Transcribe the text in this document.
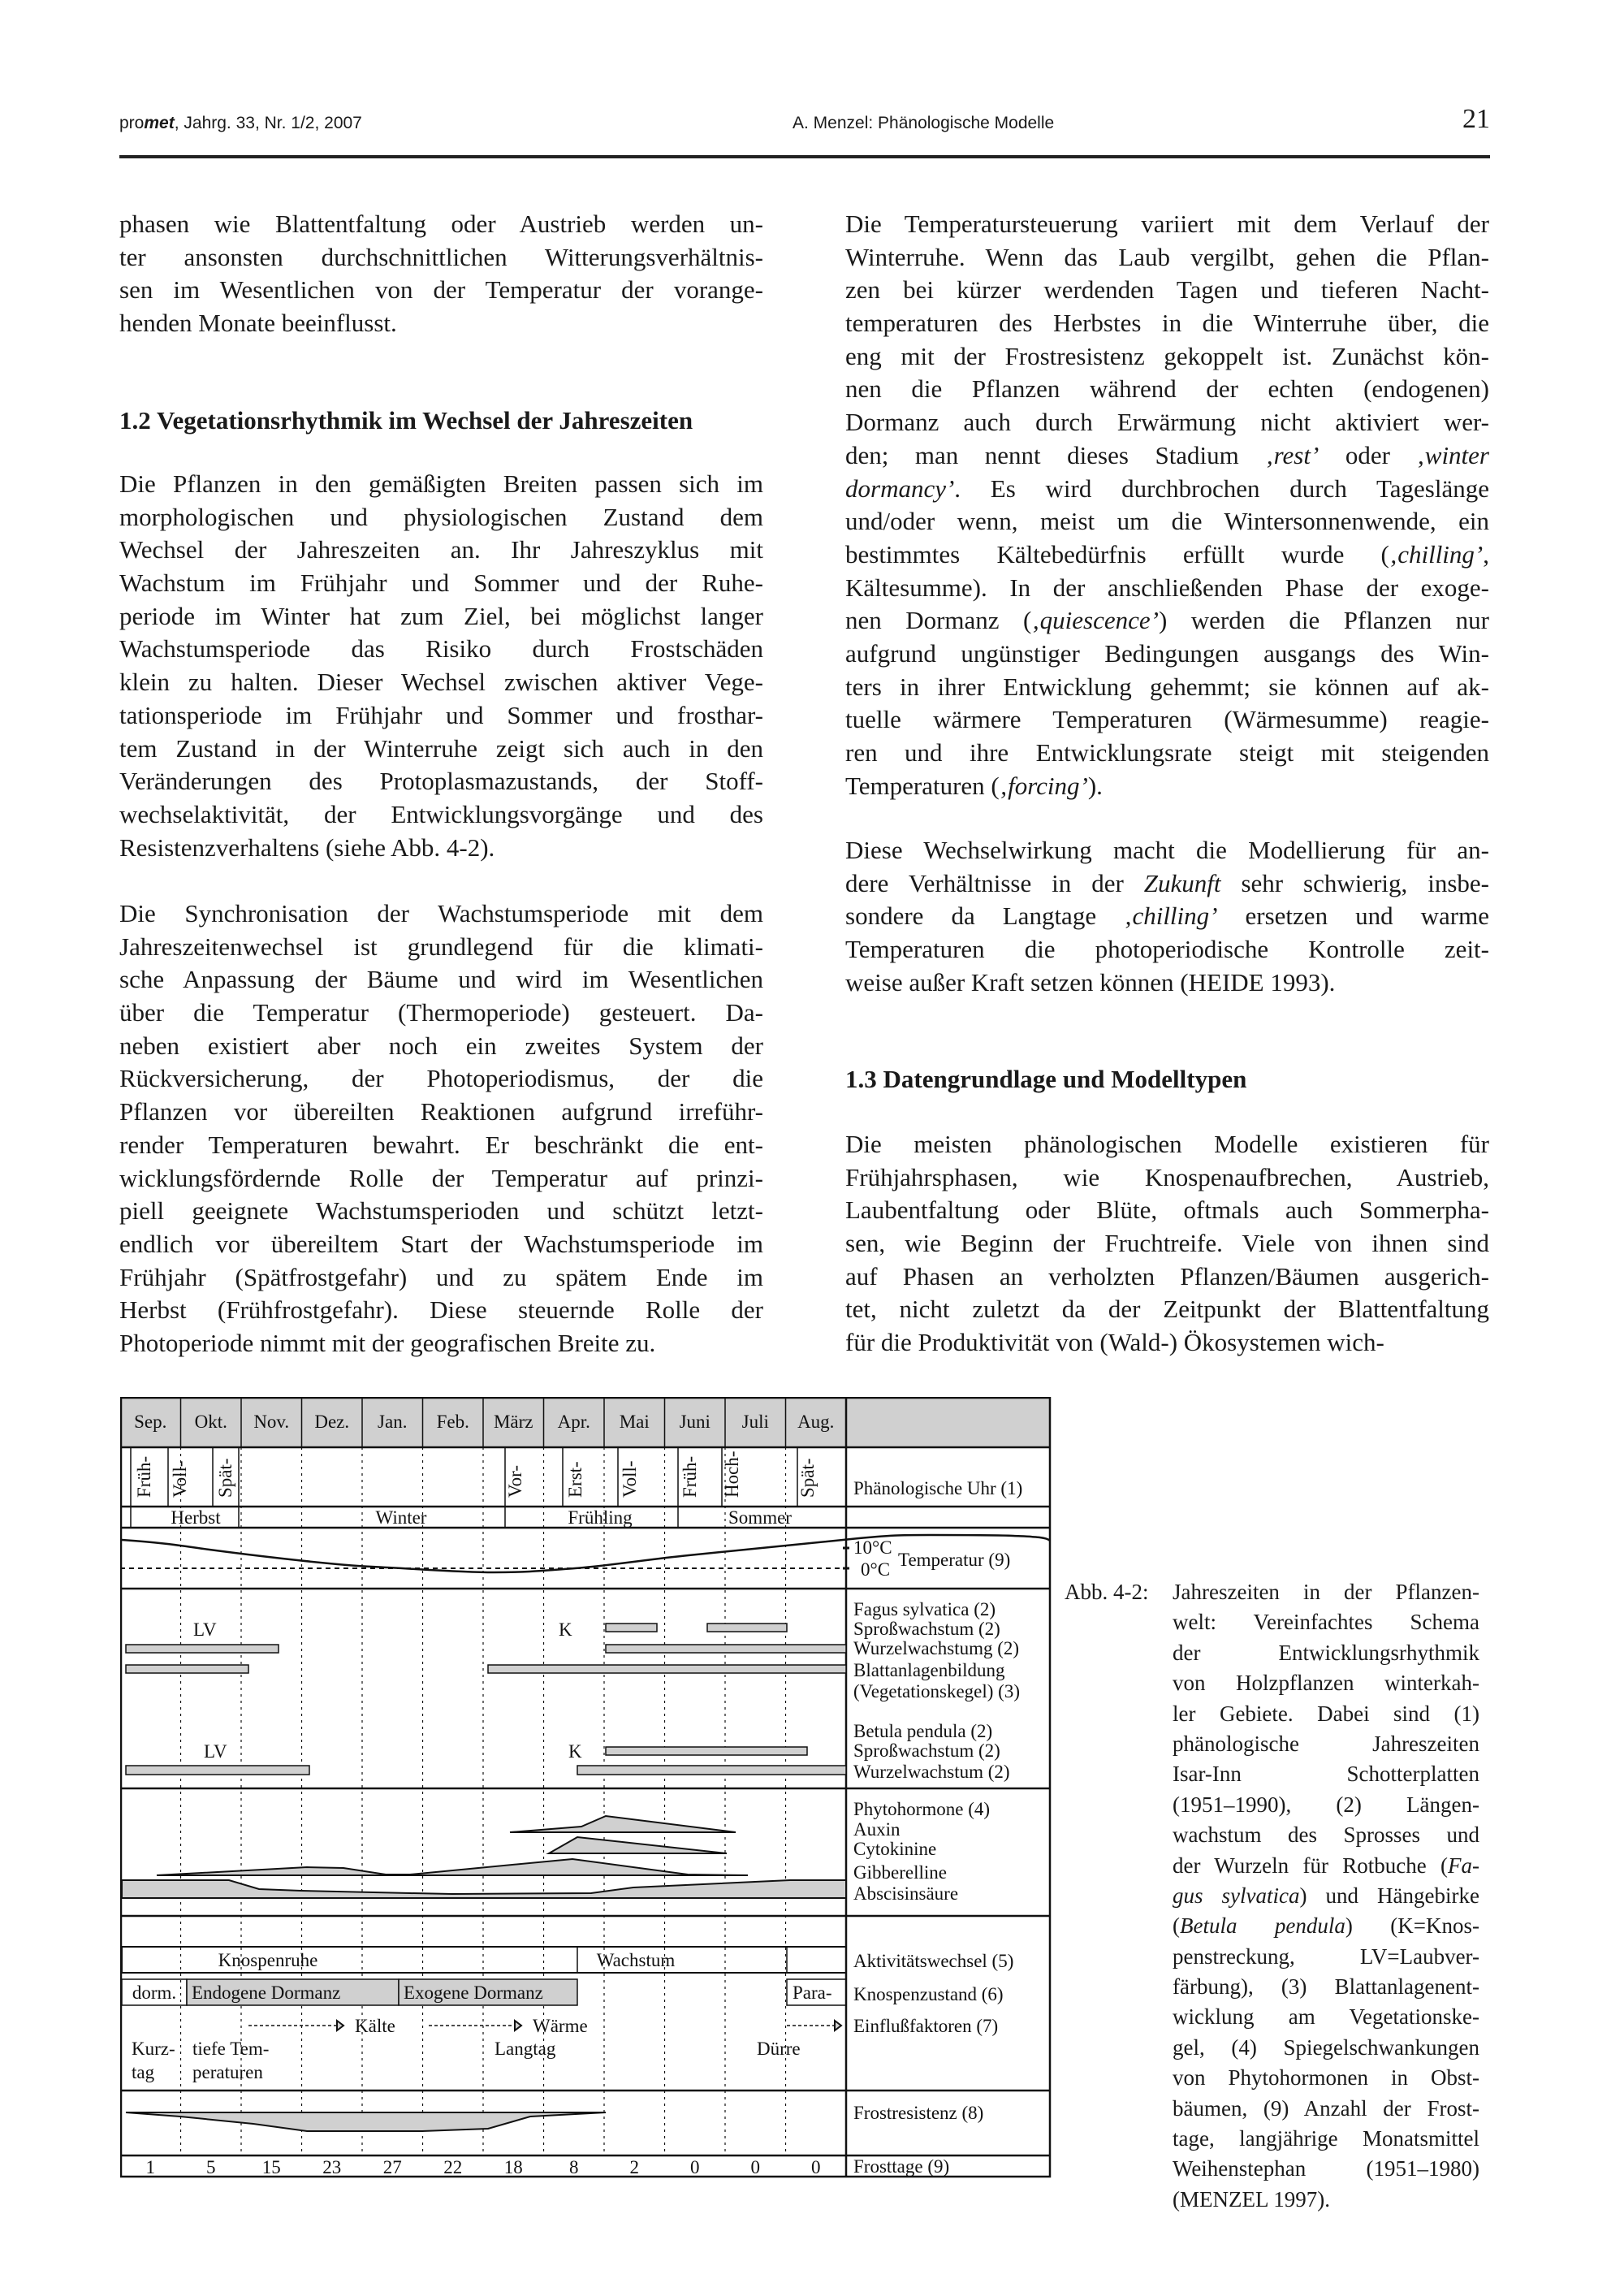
promet, Jahrg. 33, Nr. 1/2, 2007	A. Menzel: Phänologische Modelle	21
phasen wie Blattentfaltung oder Austrieb werden un-
ter ansonsten durchschnittlichen Witterungsverhältnis-
sen im Wesentlichen von der Temperatur der vorange-
henden Monate beeinflusst.
1.2 Vegetationsrhythmik im Wechsel der Jahreszeiten
Die Pflanzen in den gemäßigten Breiten passen sich im
morphologischen und physiologischen Zustand dem
Wechsel der Jahreszeiten an. Ihr Jahreszyklus mit
Wachstum im Frühjahr und Sommer und der Ruhe-
periode im Winter hat zum Ziel, bei möglichst langer
Wachstumsperiode das Risiko durch Frostschäden
klein zu halten. Dieser Wechsel zwischen aktiver Vege-
tationsperiode im Frühjahr und Sommer und frosthar-
tem Zustand in der Winterruhe zeigt sich auch in den
Veränderungen des Protoplasmazustands, der Stoff-
wechselaktivität, der Entwicklungsvorgänge und des
Resistenzverhaltens (siehe Abb. 4-2).
Die Synchronisation der Wachstumsperiode mit dem
Jahreszeitenwechsel ist grundlegend für die klimati-
sche Anpassung der Bäume und wird im Wesentlichen
über die Temperatur (Thermoperiode) gesteuert. Da-
neben existiert aber noch ein zweites System der
Rückversicherung, der Photoperiodismus, der die
Pflanzen vor übereilten Reaktionen aufgrund irreführ-
render Temperaturen bewahrt. Er beschränkt die ent-
wicklungsfördernde Rolle der Temperatur auf prinzi-
piell geeignete Wachstumsperioden und schützt letzt-
endlich vor übereiltem Start der Wachstumsperiode im
Frühjahr (Spätfrostgefahr) und zu spätem Ende im
Herbst (Frühfrostgefahr). Diese steuernde Rolle der
Photoperiode nimmt mit der geografischen Breite zu.
Die Temperatursteuerung variiert mit dem Verlauf der
Winterruhe. Wenn das Laub vergilbt, gehen die Pflan-
zen bei kürzer werdenden Tagen und tieferen Nacht-
temperaturen des Herbstes in die Winterruhe über, die
eng mit der Frostresistenz gekoppelt ist. Zunächst kön-
nen die Pflanzen während der echten (endogenen)
Dormanz auch durch Erwärmung nicht aktiviert wer-
den; man nennt dieses Stadium ‚rest’ oder ‚winter
dormancy’. Es wird durchbrochen durch Tageslänge
und/oder wenn, meist um die Wintersonnenwende, ein
bestimmtes Kältebedürfnis erfüllt wurde (‚chilling’,
Kältesumme). In der anschließenden Phase der exoge-
nen Dormanz (‚quiescence’) werden die Pflanzen nur
aufgrund ungünstiger Bedingungen ausgangs des Win-
ters in ihrer Entwicklung gehemmt; sie können auf ak-
tuelle wärmere Temperaturen (Wärmesumme) reagie-
ren und ihre Entwicklungsrate steigt mit steigenden
Temperaturen (‚forcing’).
Diese Wechselwirkung macht die Modellierung für an-
dere Verhältnisse in der Zukunft sehr schwierig, insbe-
sondere da Langtage ‚chilling’ ersetzen und warme
Temperaturen die photoperiodische Kontrolle zeit-
weise außer Kraft setzen können (HEIDE 1993).
1.3 Datengrundlage und Modelltypen
Die meisten phänologischen Modelle existieren für
Frühjahrsphasen, wie Knospenaufbrechen, Austrieb,
Laubentfaltung oder Blüte, oftmals auch Sommerpha-
sen, wie Beginn der Fruchtreife. Viele von ihnen sind
auf Phasen an verholzten Pflanzen/Bäumen ausgerich-
tet, nicht zuletzt da der Zeitpunkt der Blattentfaltung
für die Produktivität von (Wald-) Ökosystemen wich-
Sep. Okt. Nov. Dez. Jan. Feb. März Apr. Mai Juni Juli Aug.
Früh- Voll- Spät-	Vor- Erst- Voll- Früh- Hoch-	Spät-
Herbst	Winter	Frühling	Sommer
10°C
0°C
LV	K
LV	K
Knospenruhe	Wachstum
dorm. Endogene Dormanz	Exogene Dormanz	Para-
Kälte	Wärme
Kurz-
tag
tiefe Tem-
peraturen
Langtag	Dürre
1	5 15 23 27 22 18 8	2	0	0	0
Phänologische Uhr (1)
Temperatur (9)
Fagus sylvatica (2)
Sproßwachstum (2)
Wurzelwachstumg (2)
Blattanlagenbildung
(Vegetationskegel) (3)
Betula pendula (2)
Sproßwachstum (2)
Wurzelwachstum (2)
Phytohormone (4)
Auxin
Cytokinine
Gibberelline
Abscisinsäure
Aktivitätswechsel (5)
Knospenzustand (6)
Einflußfaktoren (7)
Frostresistenz (8)
Frosttage (9)
Abb. 4-2: Jahreszeiten in der Pflanzen-
welt: Vereinfachtes Schema
der Entwicklungsrhythmik
von Holzpflanzen winterkah-
ler Gebiete. Dabei sind (1)
phänologische Jahreszeiten
Isar-Inn Schotterplatten
(1951–1990), (2) Längen-
wachstum des Sprosses und
der Wurzeln für Rotbuche (Fa-
gus sylvatica) und Hängebirke
(Betula pendula) (K=Knos-
penstreckung, LV=Laubver-
färbung), (3) Blattanlagenent-
wicklung am Vegetationske-
gel, (4) Spiegelschwankungen
von Phytohormonen in Obst-
bäumen, (9) Anzahl der Frost-
tage, langjährige Monatsmittel
Weihenstephan (1951–1980)
(MENZEL 1997).
